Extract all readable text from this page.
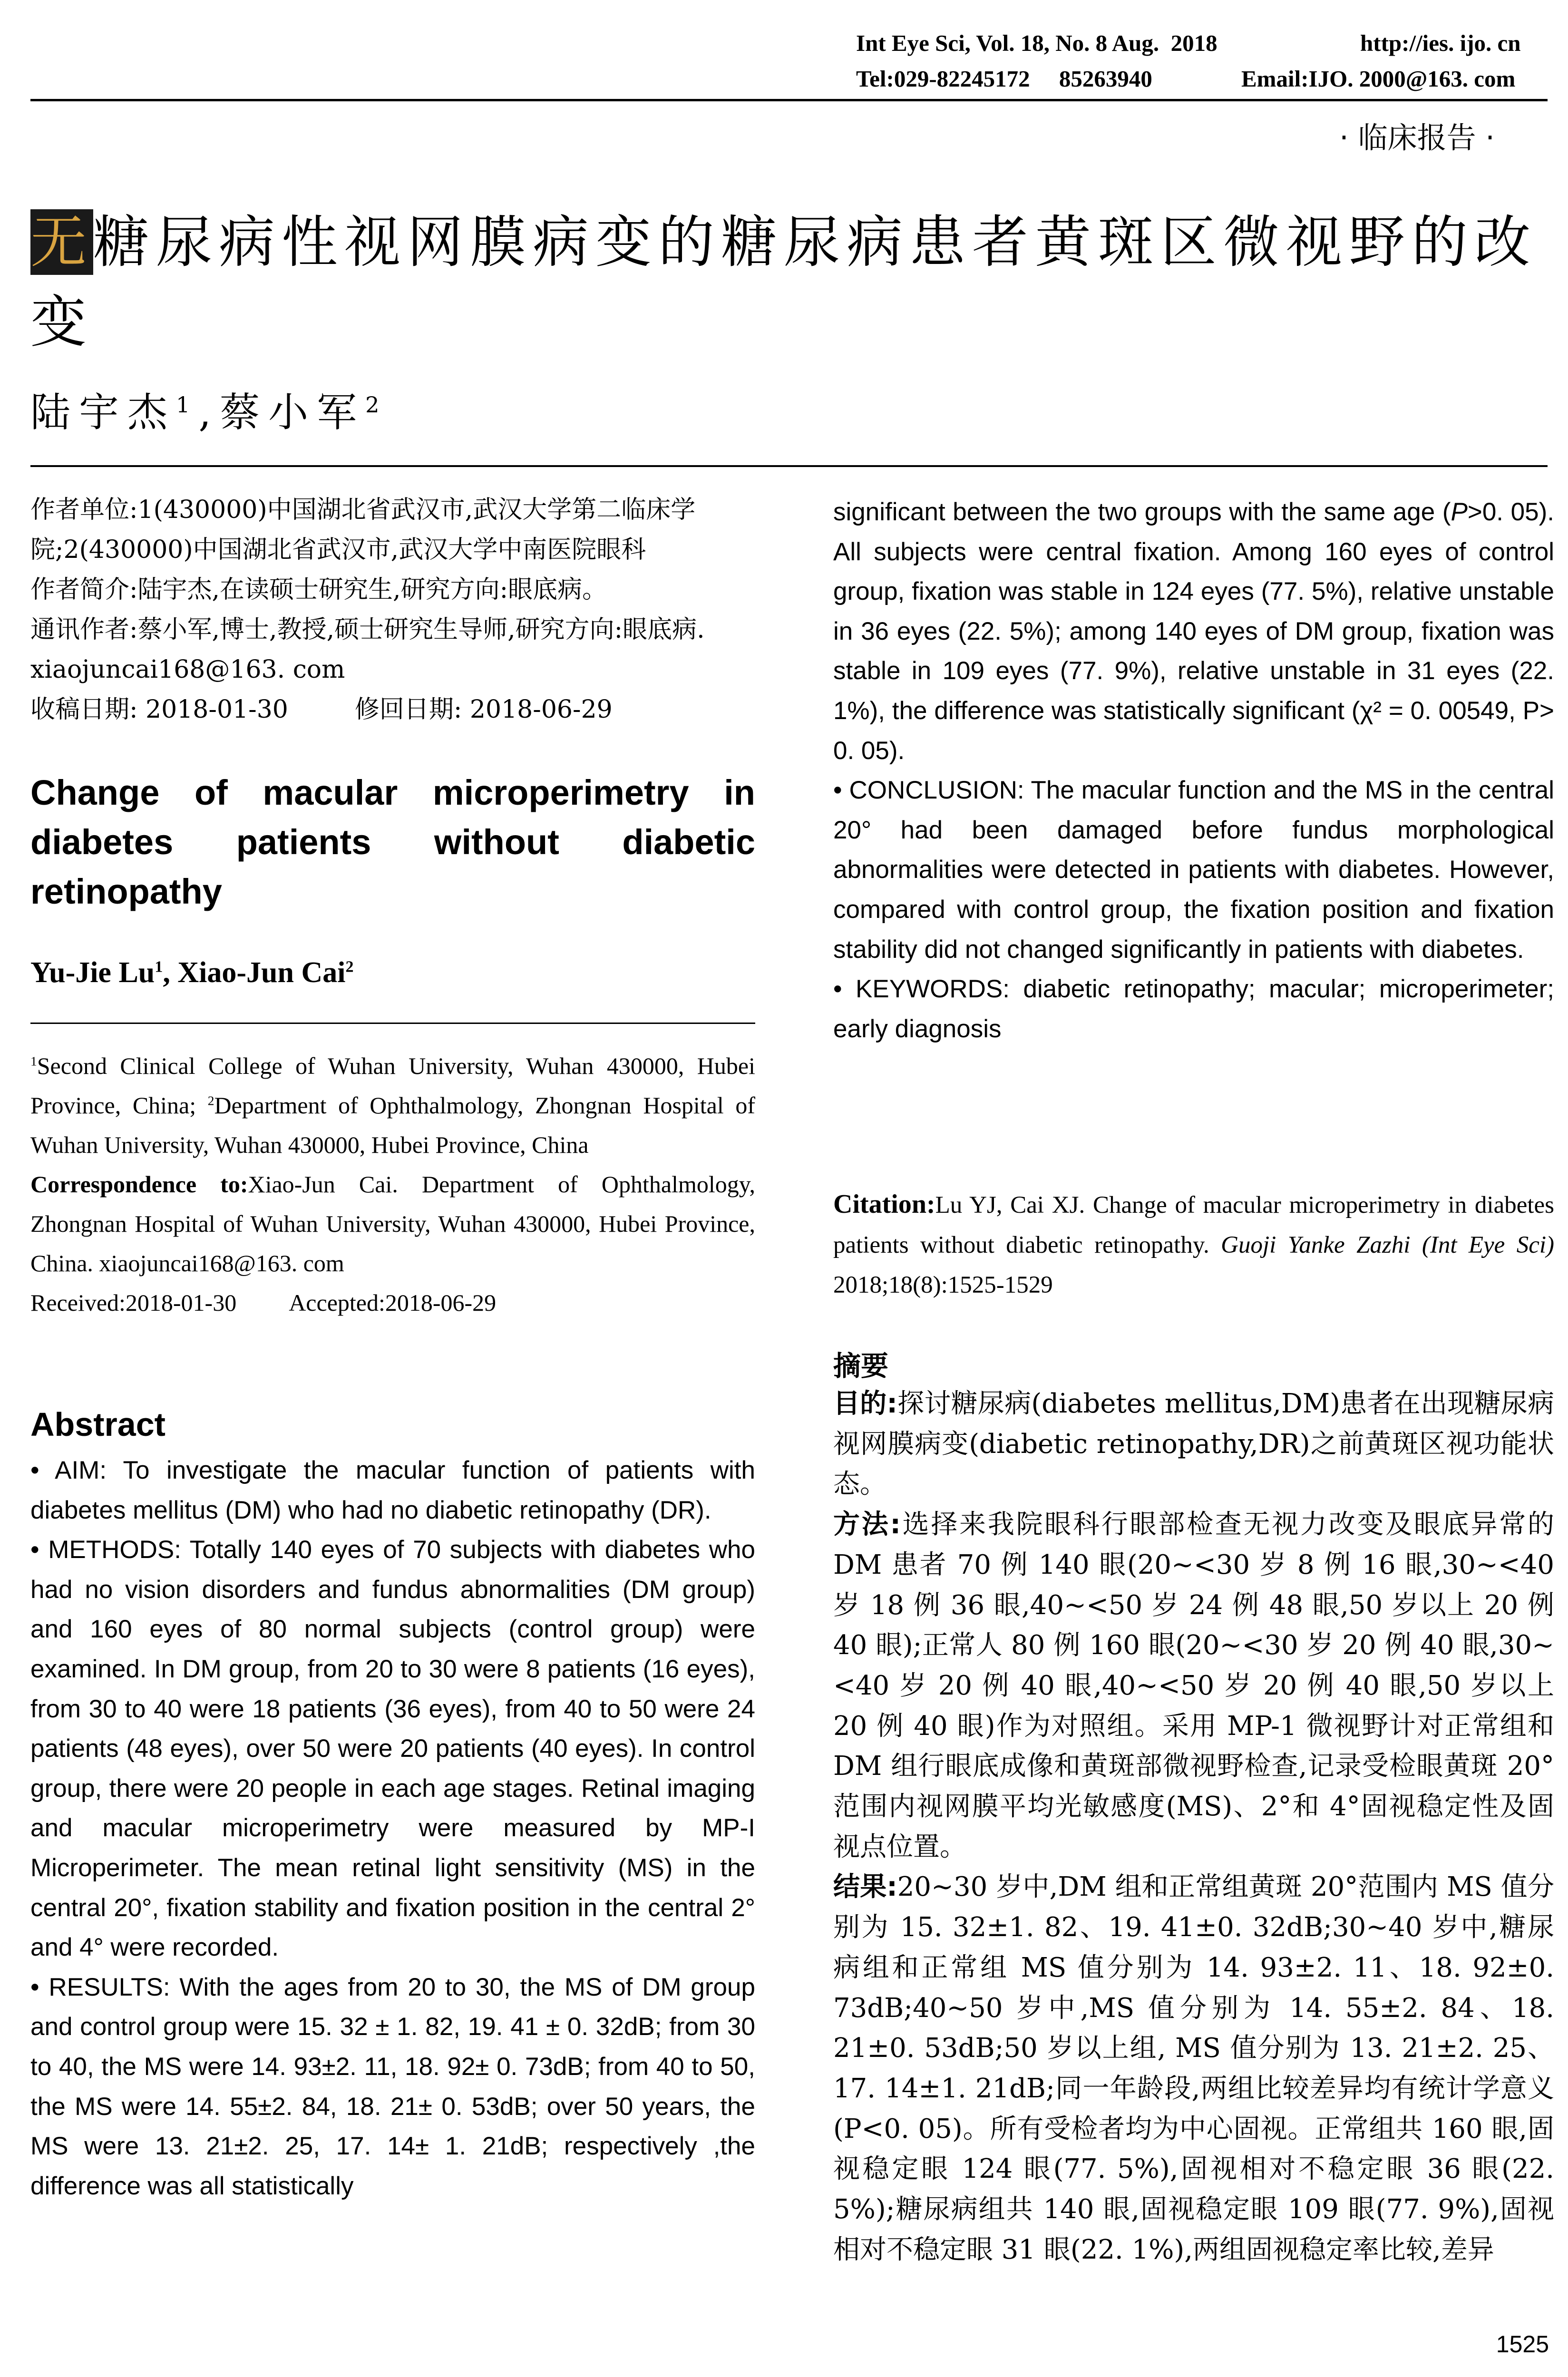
Int Eye Sci, Vol. 18, No. 8 Aug.  2018	http://ies. ijo. cn
Tel:029-82245172     85263940	Email:IJO. 2000@163. com
· 临床报告 ·
无糖尿病性视网膜病变的糖尿病患者黄斑区微视野的改变
陆宇杰$^1$,蔡小军$^2$

作者单位:1(430000)中国湖北省武汉市,武汉大学第二临床学院;2(430000)中国湖北省武汉市,武汉大学中南医院眼科

作者简介:陆宇杰,在读硕士研究生,研究方向:眼底病。

通讯作者:蔡小军,博士,教授,硕士研究生导师,研究方向:眼底病. xiaojuncai168@163. com

收稿日期: 2018-01-30	修回日期: 2018-06-29

Change of macular microperimetry in diabetes patients without diabetic retinopathy
Yu-Jie Lu$^1$, Xiao-Jun Cai$^2$

$^1$Second Clinical College of Wuhan University, Wuhan 430000, Hubei Province, China; $^2$Department of Ophthalmology, Zhongnan Hospital of Wuhan University, Wuhan 430000, Hubei Province, China

Correspondence to:Xiao-Jun Cai. Department of Ophthalmology, Zhongnan Hospital of Wuhan University, Wuhan 430000, Hubei Province, China. xiaojuncai168@163. com

Received:2018-01-30 Accepted:2018-06-29

Abstract

• AIM: To investigate the macular function of patients with diabetes mellitus (DM) who had no diabetic retinopathy (DR).

• METHODS: Totally 140 eyes of 70 subjects with diabetes who had no vision disorders and fundus abnormalities (DM group) and 160 eyes of 80 normal subjects (control group) were examined. In DM group, from 20 to 30 were 8 patients (16 eyes), from 30 to 40 were 18 patients (36 eyes), from 40 to 50 were 24 patients (48 eyes), over 50 were 20 patients (40 eyes). In control group, there were 20 people in each age stages. Retinal imaging and macular microperimetry were measured by MP-I Microperimeter. The mean retinal light sensitivity (MS) in the central 20°, fixation stability and fixation position in the central 2° and 4° were recorded.

• RESULTS: With the ages from 20 to 30, the MS of DM group and control group were 15. 32 ± 1. 82, 19. 41 ± 0. 32dB; from 30 to 40, the MS were 14. 93±2. 11, 18. 92± 0. 73dB; from 40 to 50, the MS were 14. 55±2. 84, 18. 21± 0. 53dB; over 50 years, the MS were 13. 21±2. 25, 17. 14± 1. 21dB; respectively ,the difference was all statistically

significant between the two groups with the same age (P>0. 05). All subjects were central fixation. Among 160 eyes of control group, fixation was stable in 124 eyes (77. 5%), relative unstable in 36 eyes (22. 5%); among 140 eyes of DM group, fixation was stable in 109 eyes (77. 9%), relative unstable in 31 eyes (22. 1%), the difference was statistically significant (χ² = 0. 00549, P> 0. 05).

• CONCLUSION: The macular function and the MS in the central 20° had been damaged before fundus morphological abnormalities were detected in patients with diabetes. However, compared with control group, the fixation position and fixation stability did not changed significantly in patients with diabetes.

• KEYWORDS: diabetic retinopathy; macular; microperimeter; early diagnosis

Citation:Lu YJ, Cai XJ. Change of macular microperimetry in diabetes patients without diabetic retinopathy. Guoji Yanke Zazhi (Int Eye Sci) 2018;18(8):1525-1529
摘要

目的:探讨糖尿病(diabetes mellitus,DM)患者在出现糖尿病视网膜病变(diabetic retinopathy,DR)之前黄斑区视功能状态。

方法:选择来我院眼科行眼部检查无视力改变及眼底异常的 DM 患者 70 例 140 眼(20~<30 岁 8 例 16 眼,30~<40岁 18 例 36 眼,40~<50 岁 24 例 48 眼,50 岁以上 20 例 40 眼);正常人 80 例 160 眼(20~<30 岁 20 例 40 眼,30~<40 岁 20 例 40 眼,40~<50 岁 20 例 40 眼,50 岁以上 20 例 40 眼)作为对照组。采用 MP-1 微视野计对正常组和 DM 组行眼底成像和黄斑部微视野检查,记录受检眼黄斑 20°范围内视网膜平均光敏感度(MS)、2°和 4°固视稳定性及固视点位置。

结果:20~30 岁中,DM 组和正常组黄斑 20°范围内 MS 值分别为 15. 32±1. 82、19. 41±0. 32dB;30~40 岁中,糖尿病组和正常组 MS 值分别为 14. 93±2. 11、18. 92±0. 73dB;40~50 岁中,MS 值分别为 14. 55±2. 84、18. 21±0. 53dB;50 岁以上组, MS 值分别为 13. 21±2. 25、17. 14±1. 21dB;同一年龄段,两组比较差异均有统计学意义(P<0. 05)。所有受检者均为中心固视。正常组共 160 眼,固视稳定眼 124 眼(77. 5%),固视相对不稳定眼 36 眼(22. 5%);糖尿病组共 140 眼,固视稳定眼 109 眼(77. 9%),固视相对不稳定眼 31 眼(22. 1%),两组固视稳定率比较,差异

1525
